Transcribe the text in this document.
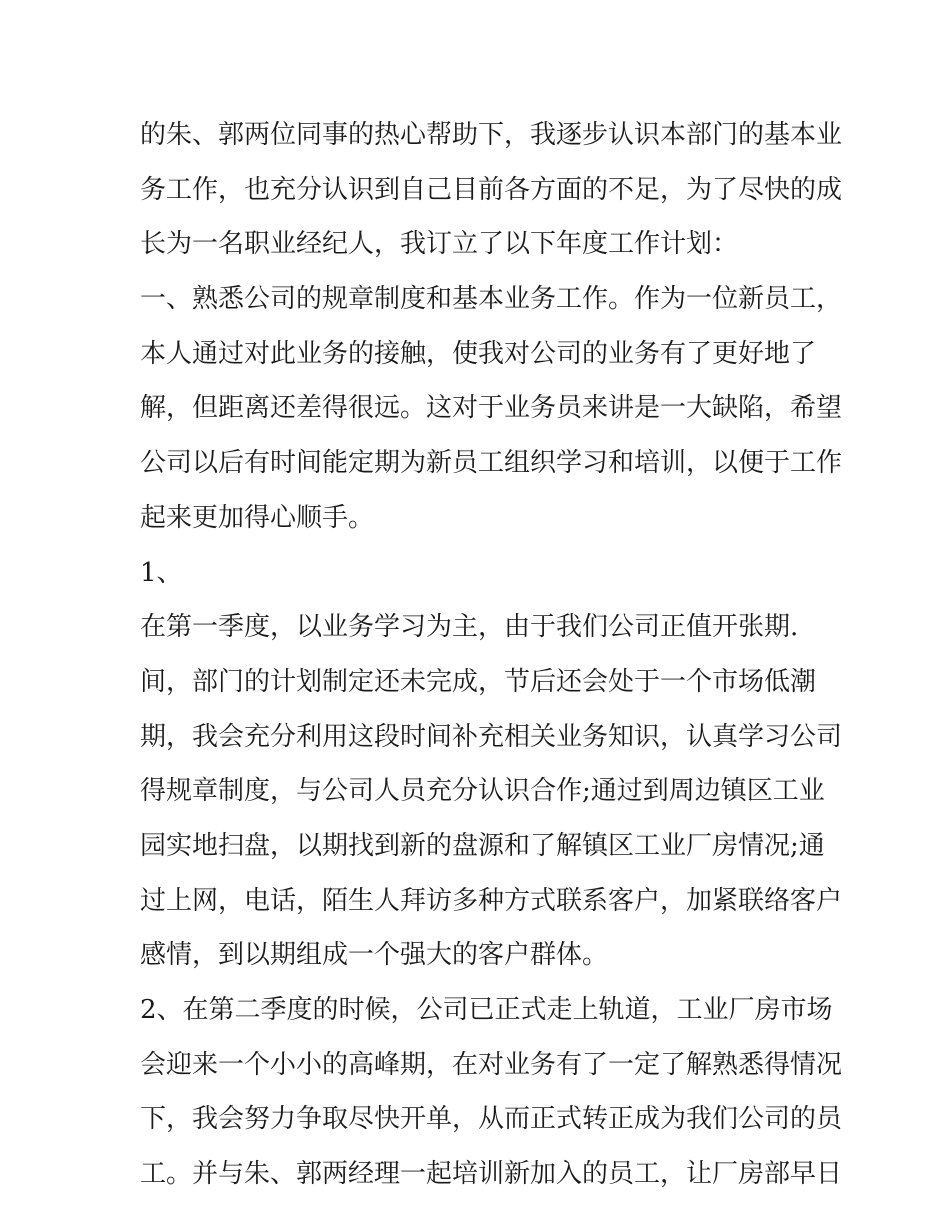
的朱、郭两位同事的热心帮助下，我逐步认识本部门的基本业
务工作，也充分认识到自己目前各方面的不足，为了尽快的成
长为一名职业经纪人，我订立了以下年度工作计划：
一、熟悉公司的规章制度和基本业务工作。作为一位新员工，
本人通过对此业务的接触，使我对公司的业务有了更好地了
解，但距离还差得很远。这对于业务员来讲是一大缺陷，希望
公司以后有时间能定期为新员工组织学习和培训，以便于工作
起来更加得心顺手。
1、
在第一季度，以业务学习为主，由于我们公司正值开张期.
间，部门的计划制定还未完成，节后还会处于一个市场低潮
期，我会充分利用这段时间补充相关业务知识，认真学习公司
得规章制度，与公司人员充分认识合作;通过到周边镇区工业
园实地扫盘，以期找到新的盘源和了解镇区工业厂房情况;通
过上网，电话，陌生人拜访多种方式联系客户，加紧联络客户
感情，到以期组成一个强大的客户群体。
2、在第二季度的时候，公司已正式走上轨道，工业厂房市场
会迎来一个小小的高峰期，在对业务有了一定了解熟悉得情况
下，我会努力争取尽快开单，从而正式转正成为我们公司的员
工。并与朱、郭两经理一起培训新加入的员工，让厂房部早日
